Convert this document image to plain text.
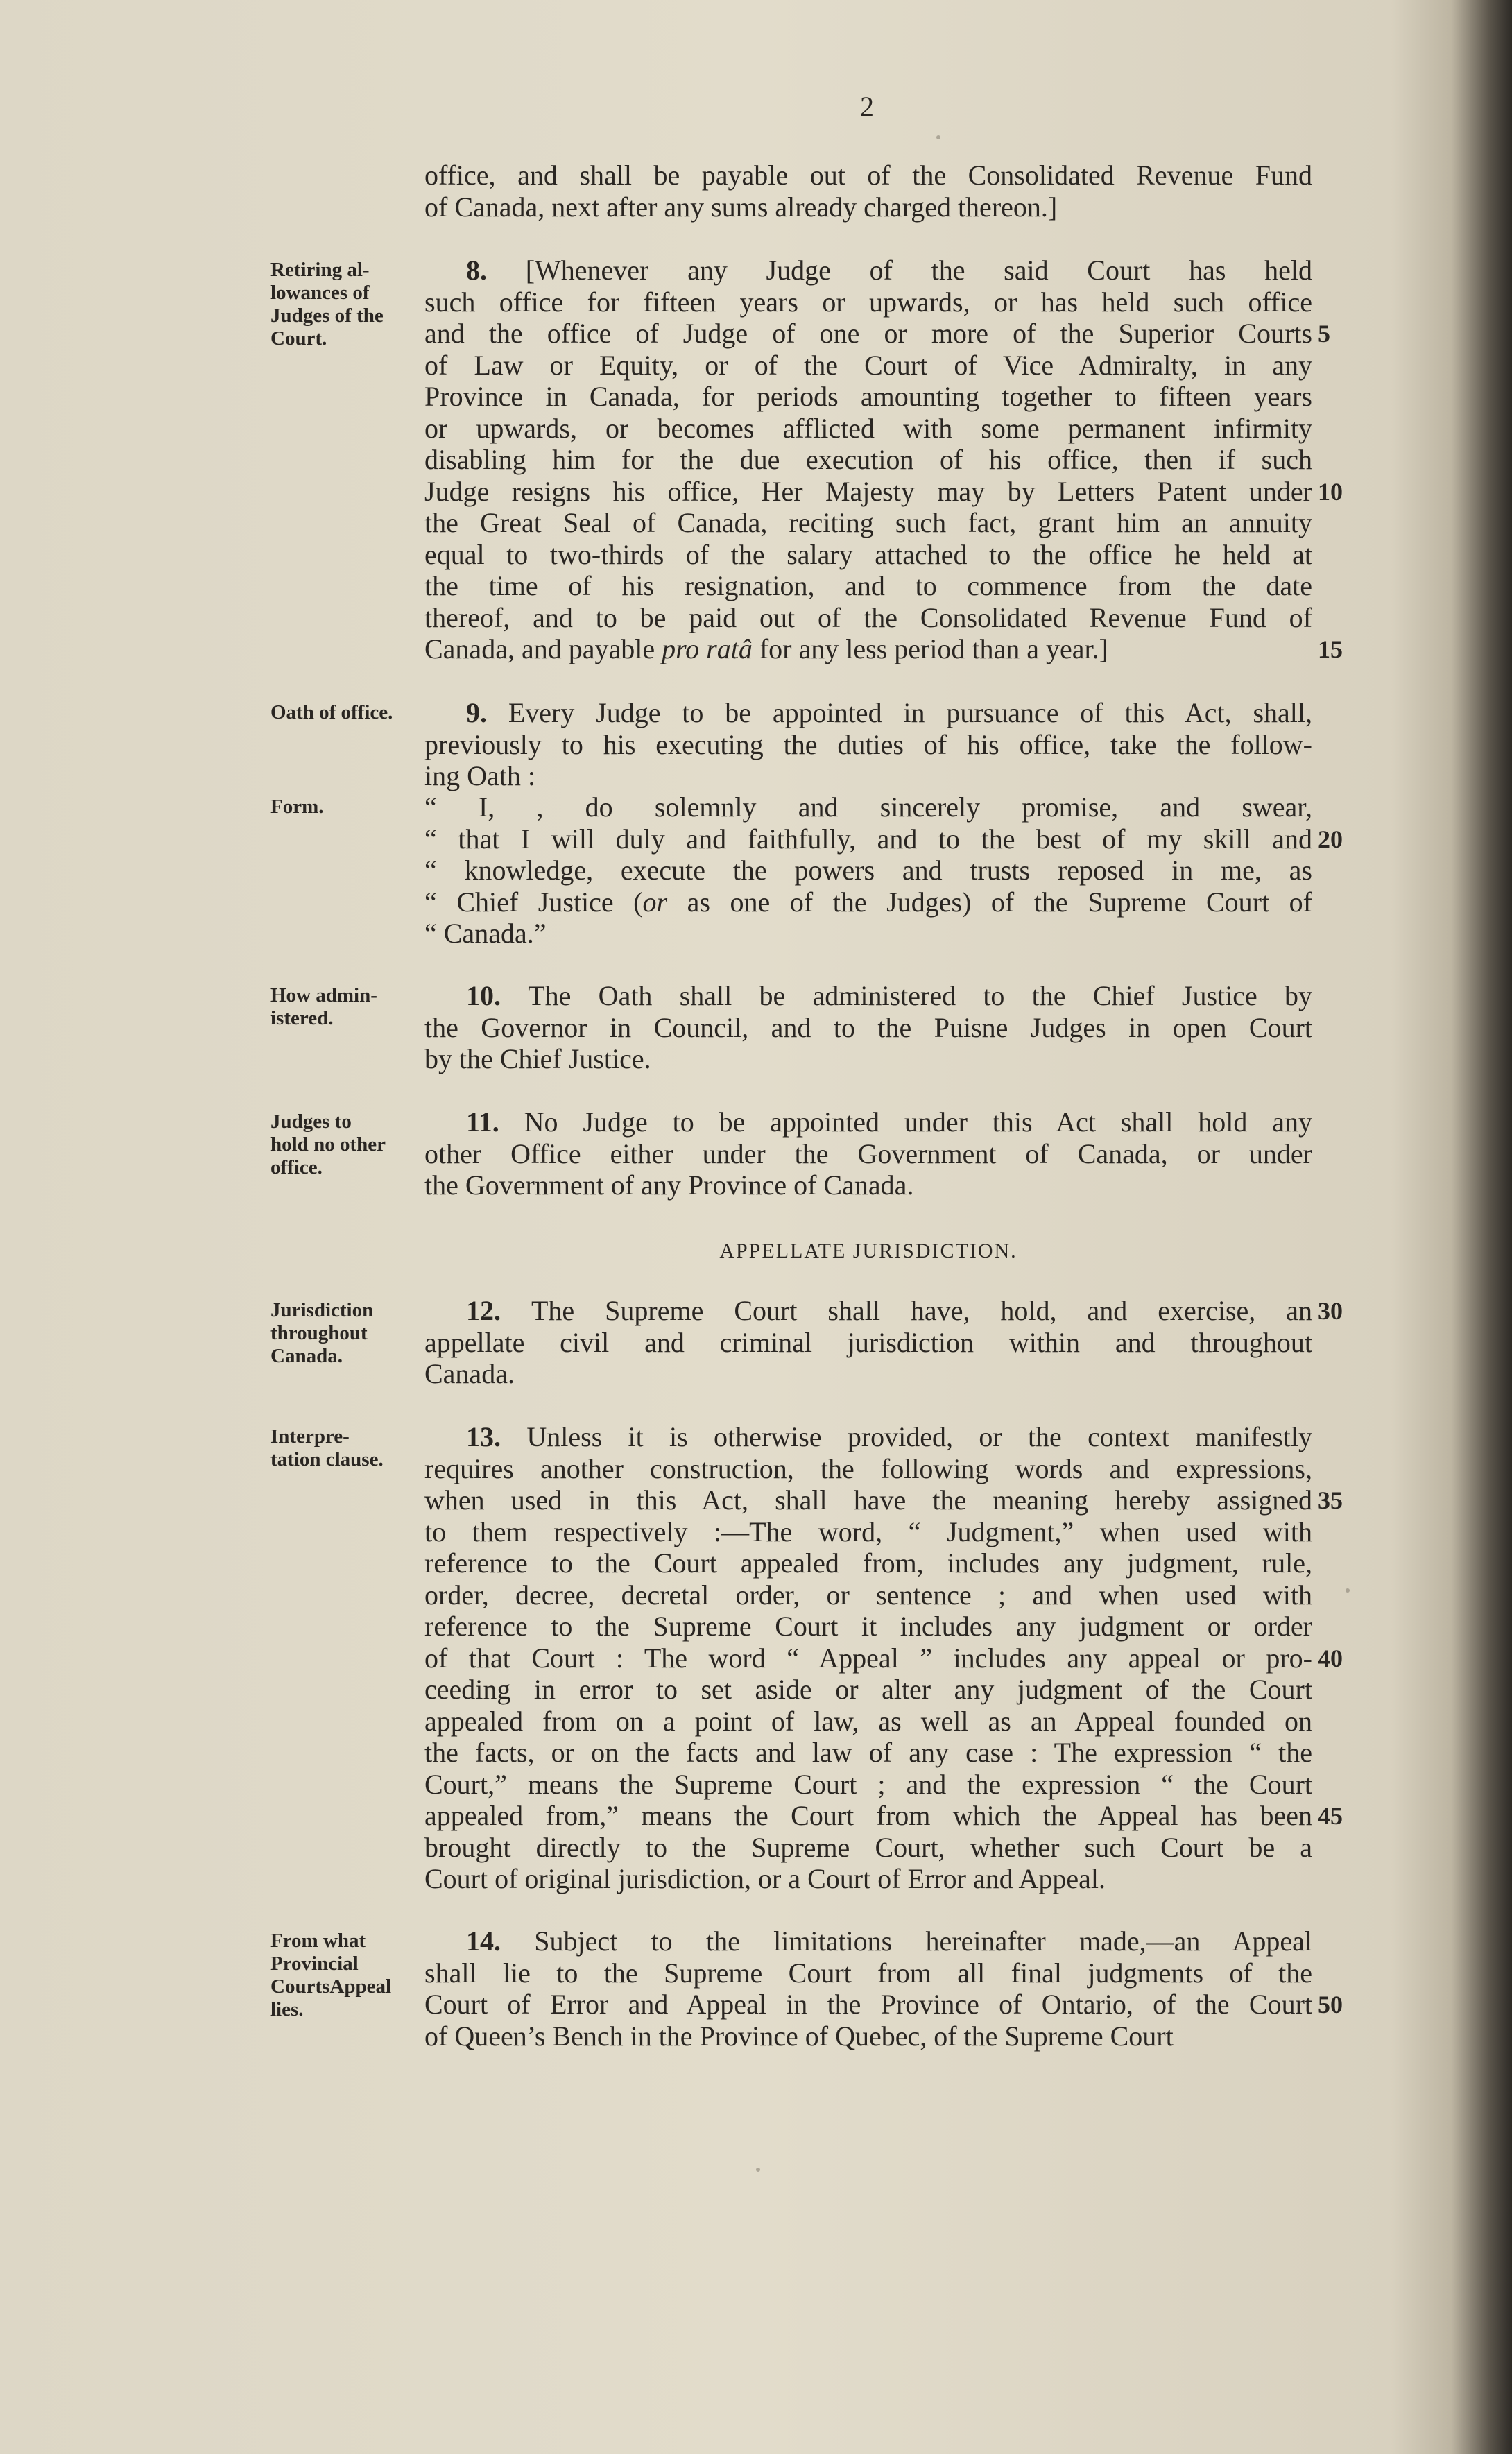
2
APPELLATE JURISDICTION.
office, and shall be payable out of the Consolidated Revenue Fund
of Canada, next after any sums already charged thereon.]
8. [Whenever any Judge of the said Court has held
such office for fifteen years or upwards, or has held such office
and the office of Judge of one or more of the Superior Courts
of Law or Equity, or of the Court of Vice Admiralty, in any
Province in Canada, for periods amounting together to fifteen years
or upwards, or becomes afflicted with some permanent infirmity
disabling him for the due execution of his office, then if such
Judge resigns his office, Her Majesty may by Letters Patent under
the Great Seal of Canada, reciting such fact, grant him an annuity
equal to two-thirds of the salary attached to the office he held at
the time of his resignation, and to commence from the date
thereof, and to be paid out of the Consolidated Revenue Fund of
Canada, and payable pro ratâ for any less period than a year.]
Retiring al-
lowances of
Judges of the
Court.	5
10
15
9. Every Judge to be appointed in pursuance of this Act, shall,
previously to his executing the duties of his office, take the follow-
ing Oath :
Oath of office.
“ I, , do solemnly and sincerely promise, and swear,
“ that I will duly and faithfully, and to the best of my skill and
“ knowledge, execute the powers and trusts reposed in me, as
“ Chief Justice (or as one of the Judges) of the Supreme Court of
“ Canada.”
Form.
20
10. The Oath shall be administered to the Chief Justice by
the Governor in Council, and to the Puisne Judges in open Court
by the Chief Justice.
How admin-
istered.
11. No Judge to be appointed under this Act shall hold any
other Office either under the Government of Canada, or under
the Government of any Province of Canada.
Judges to
hold no other
office.
12. The Supreme Court shall have, hold, and exercise, an
appellate civil and criminal jurisdiction within and throughout
Canada.
Jurisdiction
throughout
Canada.
30
13. Unless it is otherwise provided, or the context manifestly
requires another construction, the following words and expressions,
when used in this Act, shall have the meaning hereby assigned
to them respectively :—The word, “ Judgment,” when used with
reference to the Court appealed from, includes any judgment, rule,
order, decree, decretal order, or sentence ; and when used with
reference to the Supreme Court it includes any judgment or order
of that Court : The word “ Appeal ” includes any appeal or pro-
ceeding in error to set aside or alter any judgment of the Court
appealed from on a point of law, as well as an Appeal founded on
the facts, or on the facts and law of any case : The expression “ the
Court,” means the Supreme Court ; and the expression “ the Court
appealed from,” means the Court from which the Appeal has been
brought directly to the Supreme Court, whether such Court be a
Court of original jurisdiction, or a Court of Error and Appeal.
Interpre-
tation clause.
35
40
45
14. Subject to the limitations hereinafter made,—an Appeal
shall lie to the Supreme Court from all final judgments of the
Court of Error and Appeal in the Province of Ontario, of the Court
of Queen’s Bench in the Province of Quebec, of the Supreme Court
From what
Provincial
CourtsAppeal
lies.	50
